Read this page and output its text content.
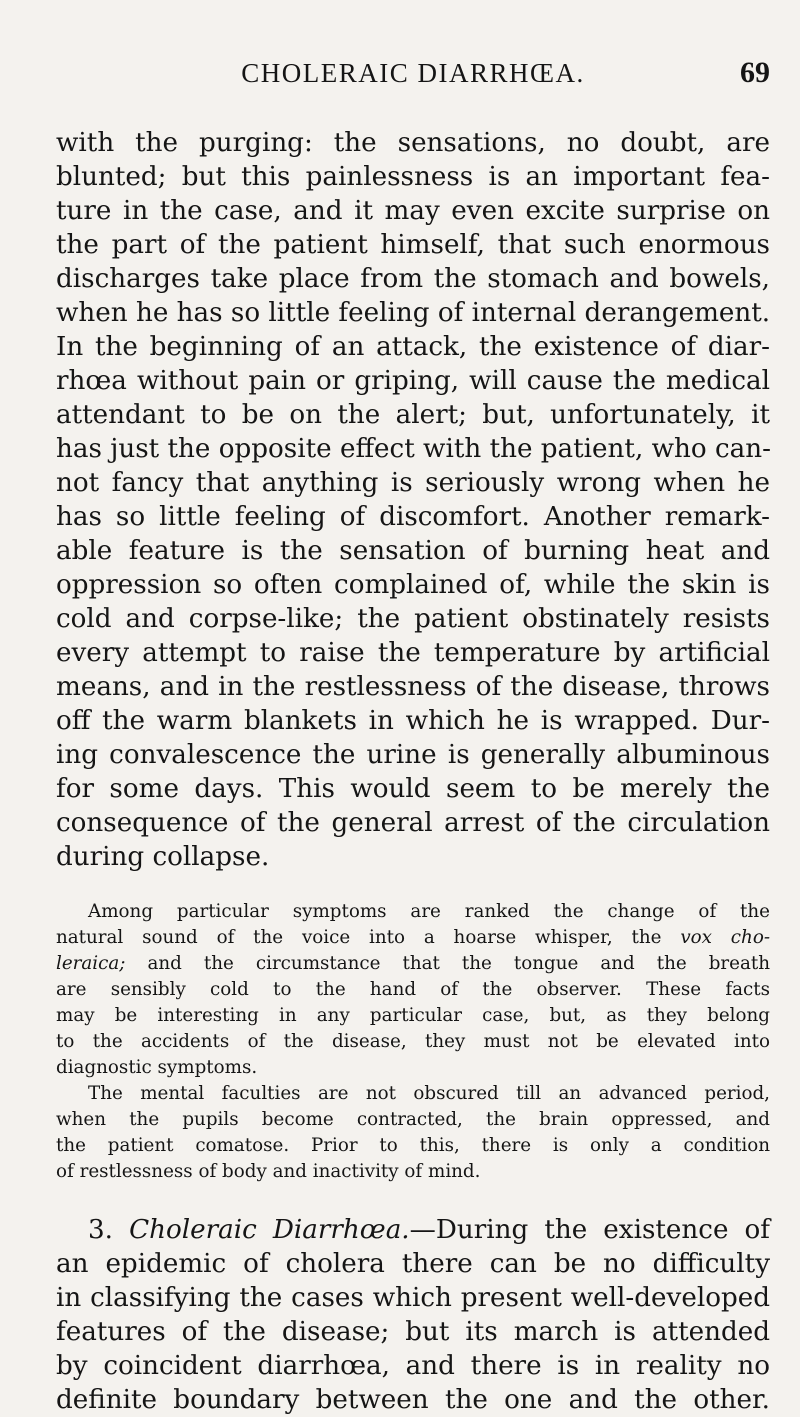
CHOLERAIC DIARRHŒA.	69
with the purging: the sensations, no doubt, are
blunted; but this painlessness is an important fea-
ture in the case, and it may even excite surprise on
the part of the patient himself, that such enormous
discharges take place from the stomach and bowels,
when he has so little feeling of internal derangement.
In the beginning of an attack, the existence of diar-
rhœa without pain or griping, will cause the medical
attendant to be on the alert; but, unfortunately, it
has just the opposite effect with the patient, who can-
not fancy that anything is seriously wrong when he
has so little feeling of discomfort. Another remark-
able feature is the sensation of burning heat and
oppression so often complained of, while the skin is
cold and corpse-like; the patient obstinately resists
every attempt to raise the temperature by artificial
means, and in the restlessness of the disease, throws
off the warm blankets in which he is wrapped. Dur-
ing convalescence the urine is generally albuminous
for some days. This would seem to be merely the
consequence of the general arrest of the circulation
during collapse.
Among particular symptoms are ranked the change of the
natural sound of the voice into a hoarse whisper, the vox cho-
leraica; and the circumstance that the tongue and the breath
are sensibly cold to the hand of the observer. These facts
may be interesting in any particular case, but, as they belong
to the accidents of the disease, they must not be elevated into
diagnostic symptoms.
The mental faculties are not obscured till an advanced period,
when the pupils become contracted, the brain oppressed, and
the patient comatose. Prior to this, there is only a condition
of restlessness of body and inactivity of mind.
3. Choleraic Diarrhœa.—During the existence of
an epidemic of cholera there can be no difficulty
in classifying the cases which present well-developed
features of the disease; but its march is attended
by coincident diarrhœa, and there is in reality no
definite boundary between the one and the other.
